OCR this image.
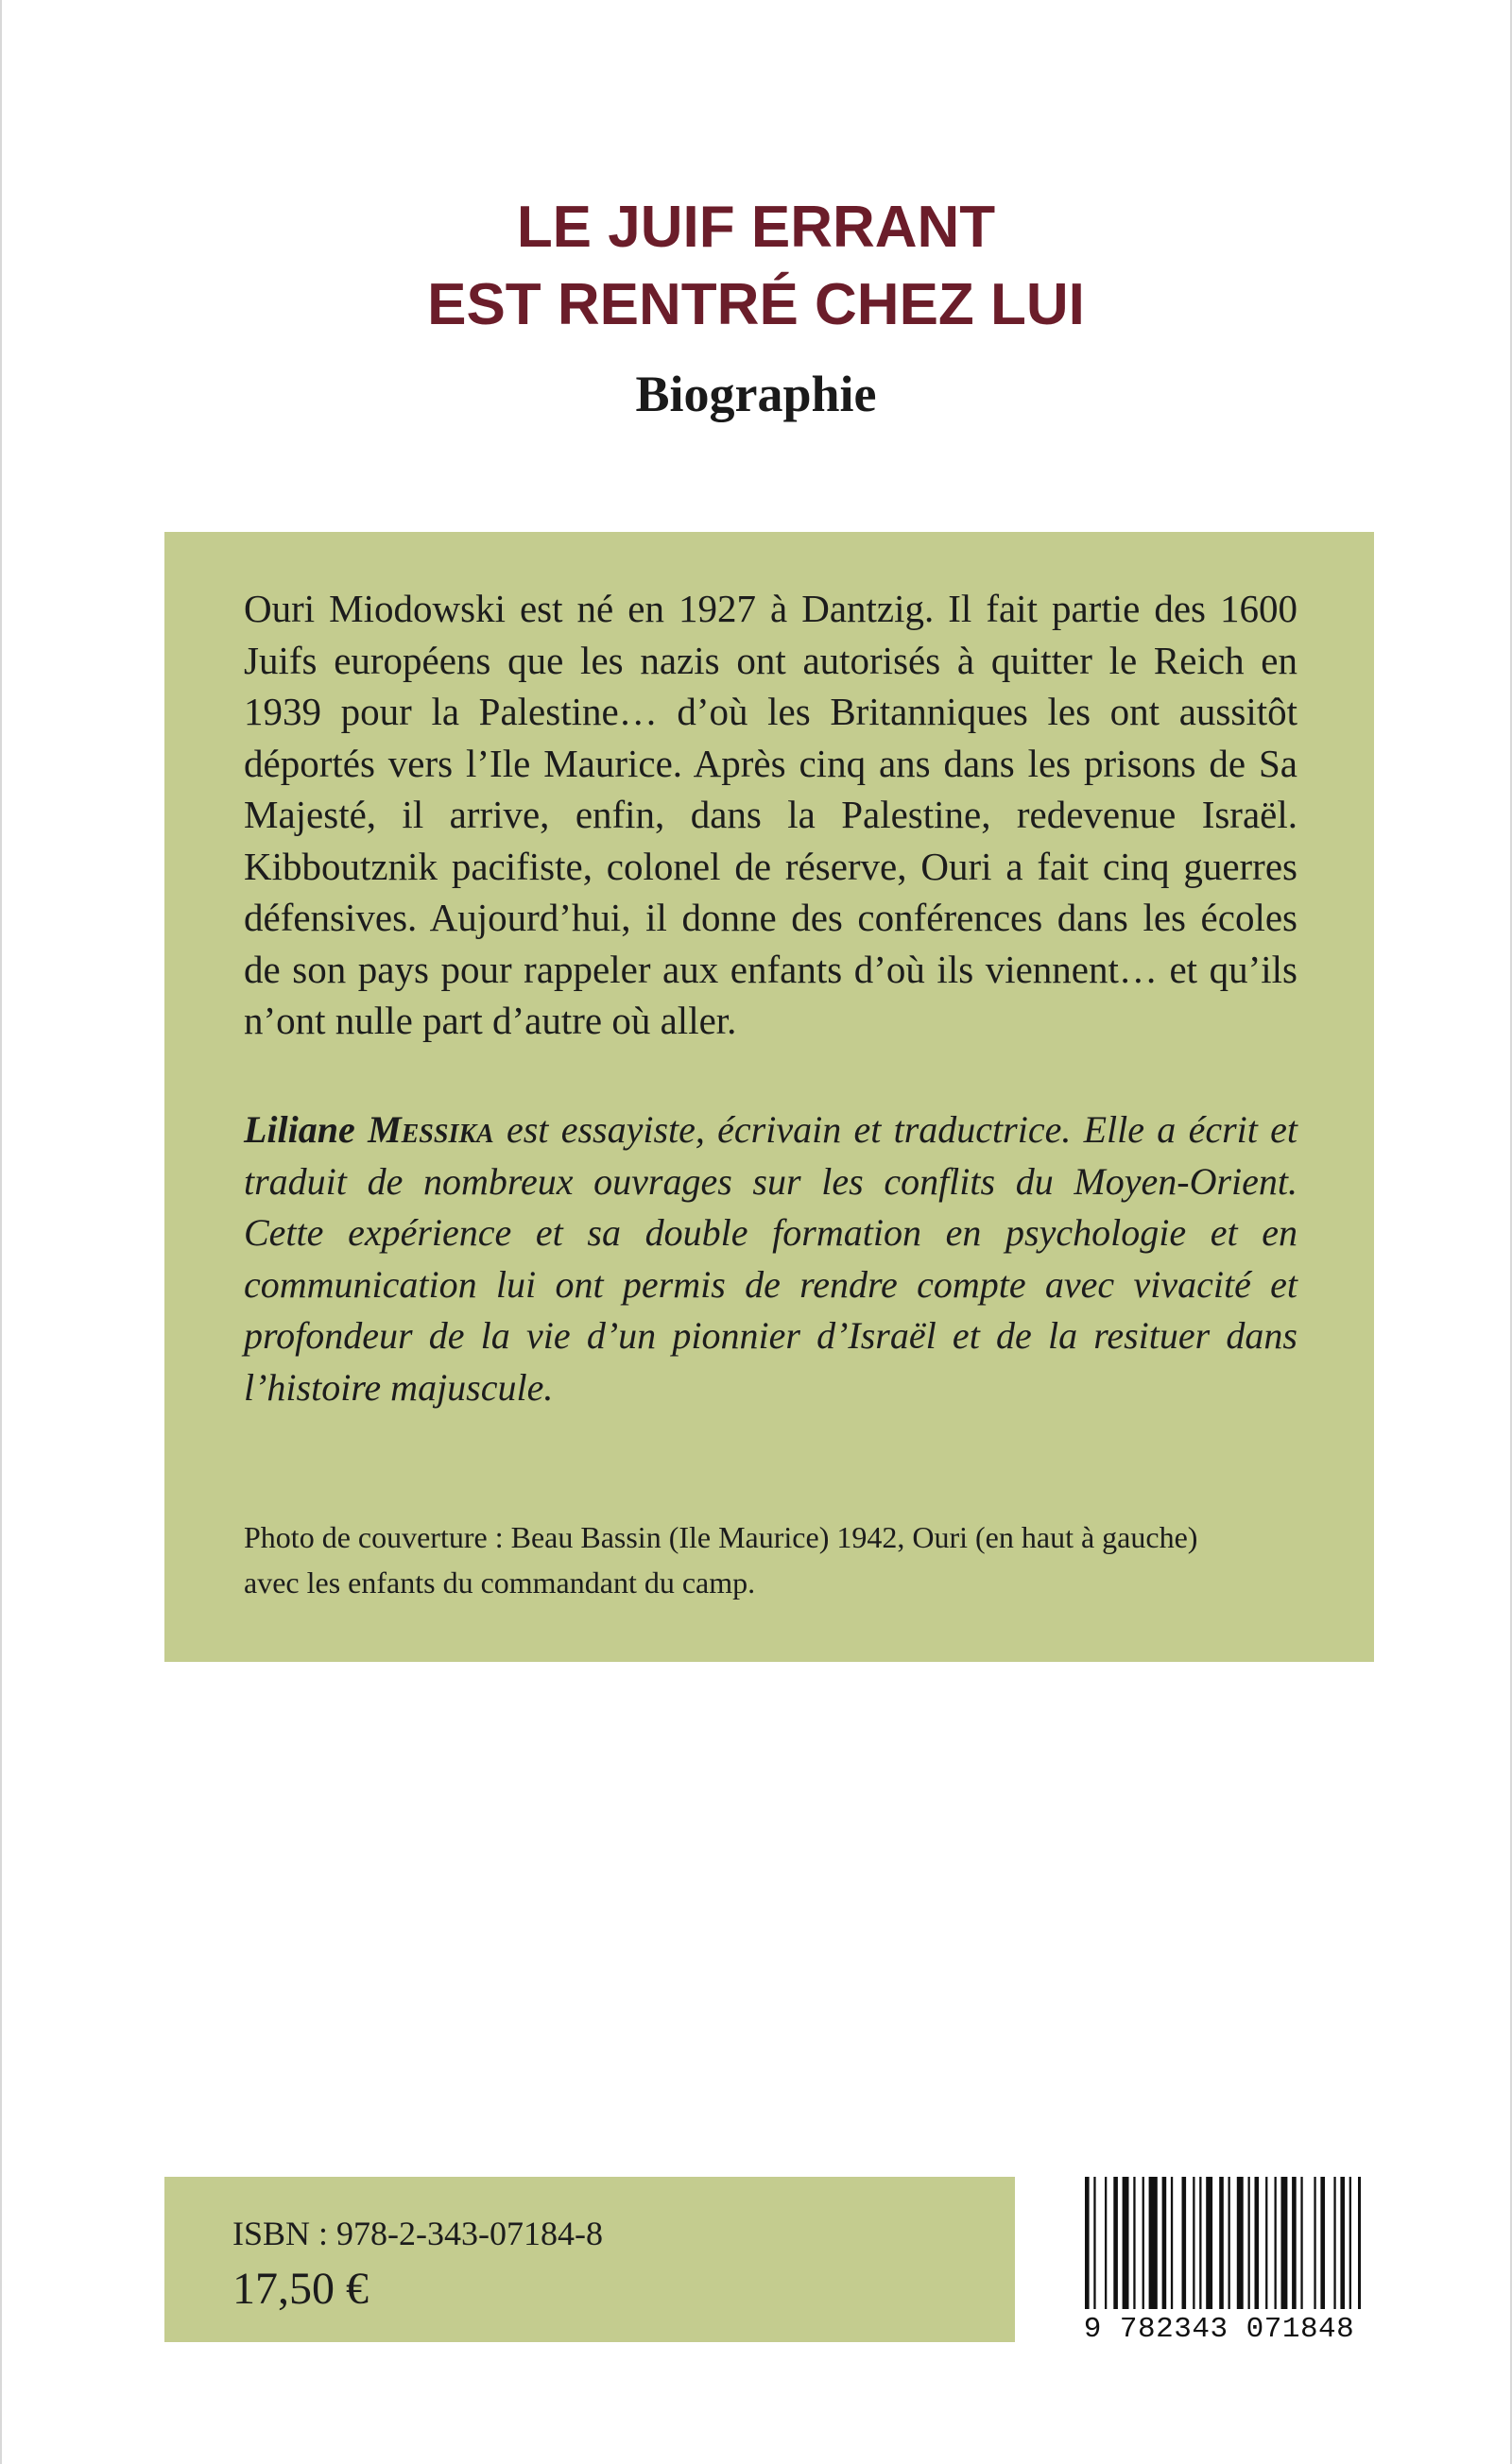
LE JUIF ERRANT
EST RENTRÉ CHEZ LUI
Biographie
Ouri Miodowski est né en 1927 à Dantzig. Il fait partie des 1600 Juifs européens que les nazis ont autorisés à quitter le Reich en 1939 pour la Palestine… d’où les Britanniques les ont aussitôt déportés vers l’Ile Maurice. Après cinq ans dans les prisons de Sa Majesté, il arrive, enfin, dans la Palestine, redevenue Israël. Kibboutznik pacifiste, colonel de réserve, Ouri a fait cinq guerres défensives. Aujourd’hui, il donne des conférences dans les écoles de son pays pour rappeler aux enfants d’où ils viennent… et qu’ils n’ont nulle part d’autre où aller.
Liliane Messika est essayiste, écrivain et traductrice. Elle a écrit et traduit de nombreux ouvrages sur les conflits du Moyen-Orient. Cette expérience et sa double formation en psychologie et en communication lui ont permis de rendre compte avec vivacité et profondeur de la vie d’un pionnier d’Israël et de la resituer dans l’histoire majuscule.
Photo de couverture : Beau Bassin (Ile Maurice) 1942, Ouri (en haut à gauche)
avec les enfants du commandant du camp.
ISBN : 978-2-343-07184-8
17,50 €
9 782343 071848
